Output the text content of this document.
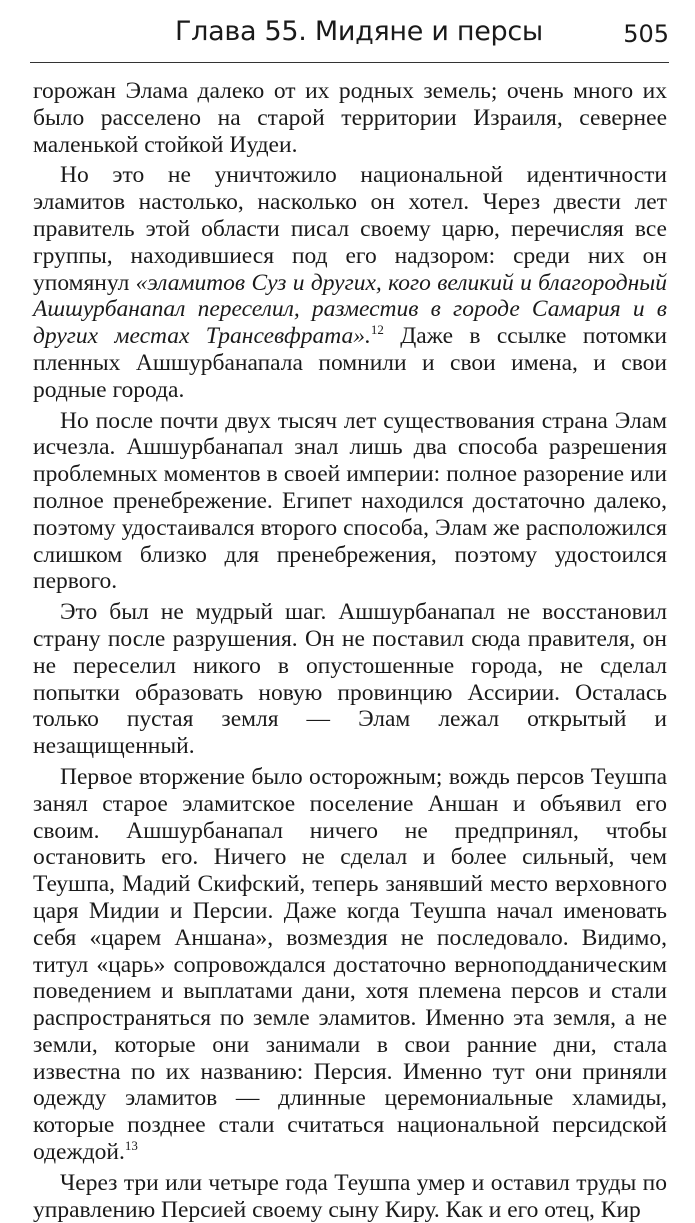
Глава 55. Мидяне и персы	505

горожан Элама далеко от их родных земель; очень много их было расселено на старой территории Израиля, севернее маленькой стойкой Иудеи.

Но это не уничтожило национальной идентичности эламитов настолько, насколько он хотел. Через двести лет правитель этой области писал своему царю, перечисляя все группы, находившиеся под его надзором: среди них он упомянул «эламитов Суз и других, кого великий и благородный Ашшурбанапал переселил, разместив в городе Самария и в других местах Трансевфрата».$^{12}$ Даже в ссылке потомки пленных Ашшурбанапала помнили и свои имена, и свои родные города.

Но после почти двух тысяч лет существования страна Элам исчезла. Ашшурбанапал знал лишь два способа разрешения проблемных моментов в своей империи: полное разорение или полное пренебрежение. Египет находился достаточно далеко, поэтому удостаивался второго способа, Элам же расположился слишком близко для пренебрежения, поэтому удостоился первого.

Это был не мудрый шаг. Ашшурбанапал не восстановил страну после разрушения. Он не поставил сюда правителя, он не переселил никого в опустошенные города, не сделал попытки образовать новую провинцию Ассирии. Осталась только пустая земля — Элам лежал открытый и незащищенный.

Первое вторжение было осторожным; вождь персов Теушпа занял старое эламитское поселение Аншан и объявил его своим. Ашшурбанапал ничего не предпринял, чтобы остановить его. Ничего не сделал и более сильный, чем Теушпа, Мадий Скифский, теперь занявший место верховного царя Мидии и Персии. Даже когда Теушпа начал именовать себя «царем Аншана», возмездия не последовало. Видимо, титул «царь» сопровождался достаточно верноподданическим поведением и выплатами дани, хотя племена персов и стали распространяться по земле эламитов. Именно эта земля, а не земли, которые они занимали в свои ранние дни, стала известна по их названию: Персия. Именно тут они приняли одежду эламитов — длинные церемониальные хламиды, которые позднее стали считаться национальной персидской одеждой.$^{13}$

Через три или четыре года Теушпа умер и оставил труды по управлению Персией своему сыну Киру. Как и его отец, Кир
